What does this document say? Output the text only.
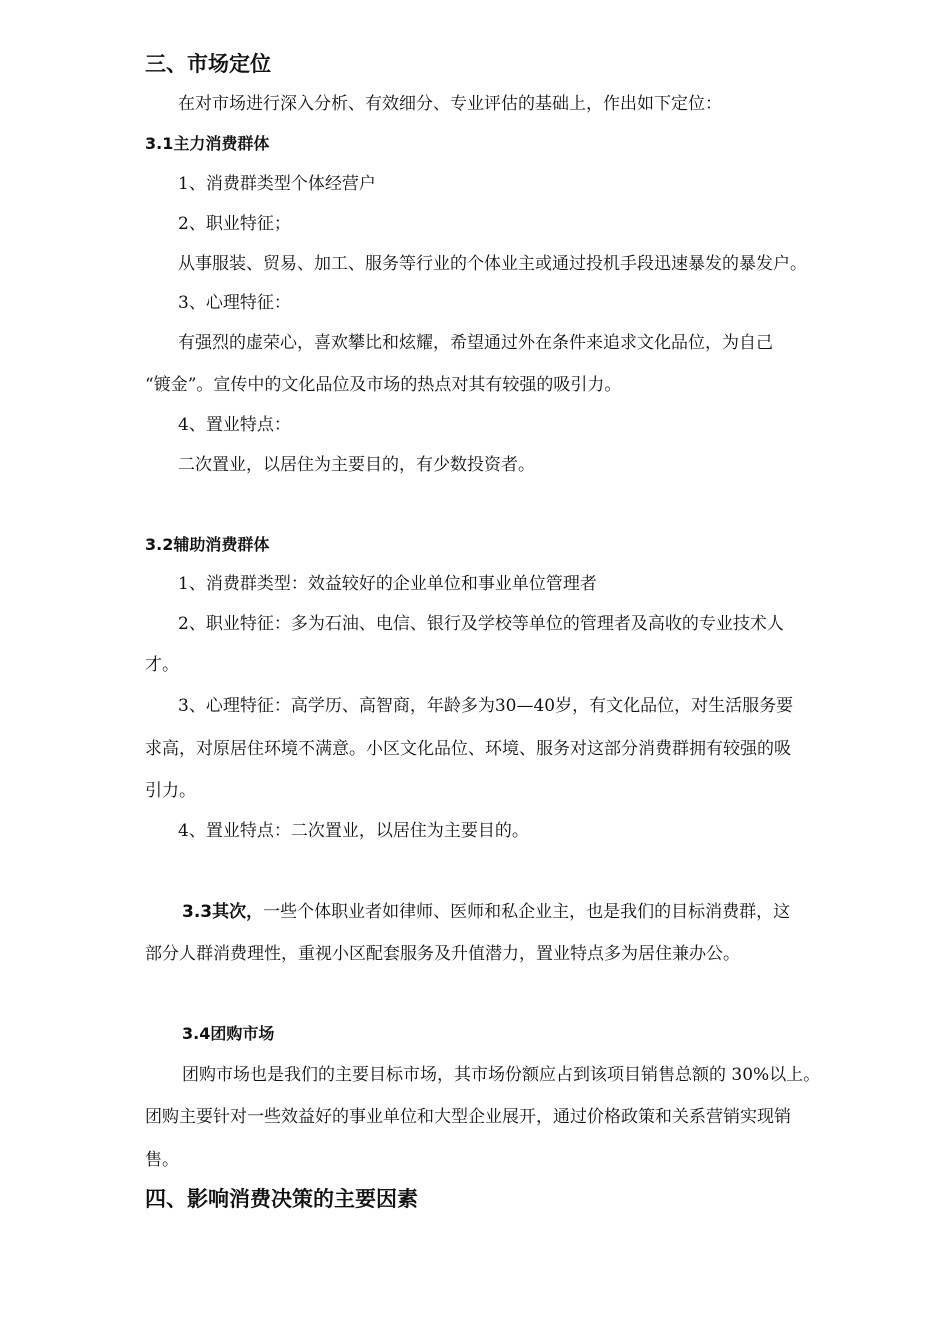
三、市场定位
在对市场进行深入分析、有效细分、专业评估的基础上，作出如下定位：
3.1主力消费群体
1、消费群类型个体经营户
2、职业特征；
从事服装、贸易、加工、服务等行业的个体业主或通过投机手段迅速暴发的暴发户。
3、心理特征：
有强烈的虚荣心，喜欢攀比和炫耀，希望通过外在条件来追求文化品位，为自己
“镀金”。宣传中的文化品位及市场的热点对其有较强的吸引力。
4、置业特点：
二次置业，以居住为主要目的，有少数投资者。
3.2辅助消费群体
1、消费群类型：效益较好的企业单位和事业单位管理者
2、职业特征：多为石油、电信、银行及学校等单位的管理者及高收的专业技术人
才。
3、心理特征：高学历、高智商，年龄多为30—40岁，有文化品位，对生活服务要
求高，对原居住环境不满意。小区文化品位、环境、服务对这部分消费群拥有较强的吸
引力。
4、置业特点：二次置业，以居住为主要目的。
3.3其次，一些个体职业者如律师、医师和私企业主，也是我们的目标消费群，这
部分人群消费理性，重视小区配套服务及升值潜力，置业特点多为居住兼办公。
3.4团购市场
团购市场也是我们的主要目标市场，其市场份额应占到该项目销售总额的 30%以上。
团购主要针对一些效益好的事业单位和大型企业展开，通过价格政策和关系营销实现销
售。
四、影响消费决策的主要因素
